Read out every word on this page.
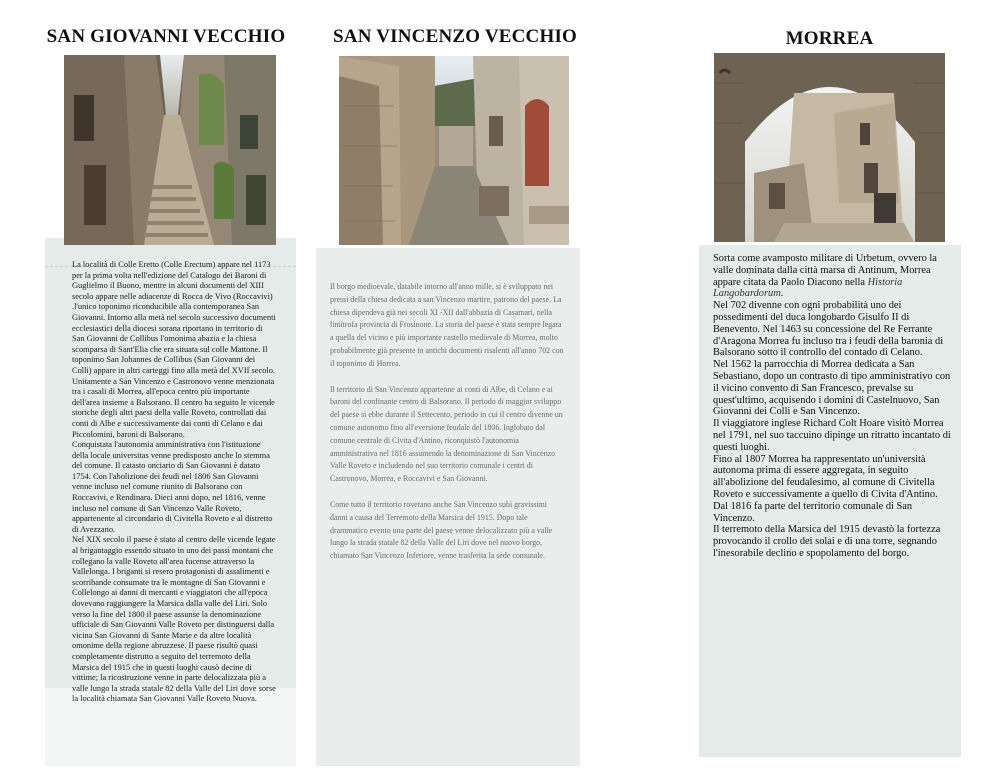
SAN GIOVANNI VECCHIO	SAN VINCENZO VECCHIO	MORREA

La località di Colle Eretto (Colle Erectum) appare nel 1173 per la prima volta nell'edizione del Catalogo dei Baroni di Guglielmo il Buono, mentre in alcuni documenti del XIII secolo appare nelle adiacenze di Rocca de Vivo (Roccavivi) .l'unico toponimo riconducibile alla contemporanea San Giovanni. Intorno alla metà nel secolo successivo documenti ecclesiastici della diocesi sorana riportano in territorio di San Giovanni de Collibus l'omonima abazia e la chiesa scomparsa di Sant'Elia che era situata sul colle Mattone. Il toponimo San Johannes de Collibus (San Giovanni dei Colli) appare in altri carteggi fino alla metà del XVII secolo. Unitamente a San Vincenzo e Castronovo venne menzionata tra i casali di Morrea, all'epoca centro più importante dell'area insieme a Balsorano. Il centro ha seguito le vicende storiche degli altri paesi della valle Roveto, controllati dai conti di Albe e successivamente dai conti di Celano e dai Piccolomini, baroni di Balsorano.

Conquistata l'autonomia amministrativa con l'istituzione della locale universitas venne predisposto anche lo stemma del comune. Il catasto onciario di San Giovanni è datato 1754. Con l'abolizione dei feudi nel 1806 San Giovanni venne incluso nel comune riunito di Balsorano con Roccavivi, e Rendinara. Dieci anni dopo, nel 1816, venne incluso nel comune di San Vincenzo Valle Roveto, appartenente al circondario di Civitella Roveto e al distretto di Avezzano.

Nel XIX secolo il paese è stato al centro delle vicende legate al brigantaggio essendo situato in uno dei passi montani che collegano la valle Roveto all'area fucense attraverso la Vallelonga. I briganti si resero protagonisti di assalimenti e scorribande consumate tra le montagne di San Giovanni e Collelongo ai danni di mercanti e viaggiatori che all'epoca dovevano raggiungere la Marsica dalla valle del Liri. Solo verso la fine del 1800 il paese assunse la denominazione ufficiale di San Giovanni Valle Roveto per distinguersi dalla vicina San Giovanni di Sante Marie e da altre località omonime della regione abruzzese. Il paese risultò quasi completamente distrutto a seguito del terremoto della Marsica del 1915 che in questi luoghi causò decine di vittime; la ricostruzione venne in parte delocalizzata più a valle lungo la strada statale 82 della Valle del Liri dove sorse la località chiamata San Giovanni Valle Roveto Nuova.

Il borgo medioevale, databile intorno all'anno mille, si è sviluppato nei pressi della chiesa dedicata a san Vincenzo martire, patrono del paese. La chiesa dipendeva già nei secoli XI -XII dall'abbazia di Casamari, nella limitrofa provincia di Frosinone. La storia del paese è stata sempre legata a quella del vicino e più importante castello medievale di Morrea, molto probabilmente già presente in antichi documenti risalenti all'anno 702 con il toponimo di Horrea.

Il territorio di San Vincenzo appartenne ai conti di Albe, di Celano e ai baroni del confinante centro di Balsorano. Il periodo di maggior sviluppo del paese si ebbe durante il Settecento, periodo in cui il centro divenne un comune autonomo fino all'eversione feudale del 1806. Inglobato dal comune centrale di Civita d'Antino, riconquistò l'autonomia amministrativa nel 1816 assumendo la denominazione di San Vincenzo Valle Roveto e includendo nel suo territorio comunale i centri di Castronovo, Morrea, e Roccavivi e San Giovanni.

Come tutto il territorio rovetano anche San Vincenzo subì gravissimi danni a causa del Terremoto della Marsica del 1915. Dopo tale drammatico evento una parte del paese venne delocalizzato più a valle lungo la strada statale 82 della Valle del Liri dove nel nuovo borgo, chiamato San Vincenzo Inferiore, venne trasferita la sede comunale.

Sorta come avamposto militare di Urbetum, ovvero la valle dominata dalla città marsa di Antinum, Morrea appare citata da Paolo Diacono nella Historia Langobardorum.

Nel 702 divenne con ogni probabilità uno dei possedimenti del duca longobardo Gisulfo II di Benevento. Nel 1463 su concessione del Re Ferrante d'Aragona Morrea fu incluso tra i feudi della baronia di Balsorano sotto il controllo del contado di Celano.

Nel 1562 la parrocchia di Morrea dedicata a San Sebastiano, dopo un contrasto di tipo amministrativo con il vicino convento di San Francesco, prevalse su quest'ultimo, acquisendo i domini di Castelnuovo, San Giovanni dei Colli e San Vincenzo.

Il viaggiatore inglese Richard Colt Hoare visitò Morrea nel 1791, nel suo taccuino dipinge un ritratto incantato di questi luoghi.

Fino al 1807 Morrea ha rappresentato un'università autonoma prima di essere aggregata, in seguito all'abolizione del feudalesimo, al comune di Civitella Roveto e successivamente a quello di Civita d'Antino.

Dal 1816 fa parte del territorio comunale di San Vincenzo.

Il terremoto della Marsica del 1915 devastò la fortezza provocando il crollo dei solai e di una torre, segnando l'inesorabile declino e spopolamento del borgo.
